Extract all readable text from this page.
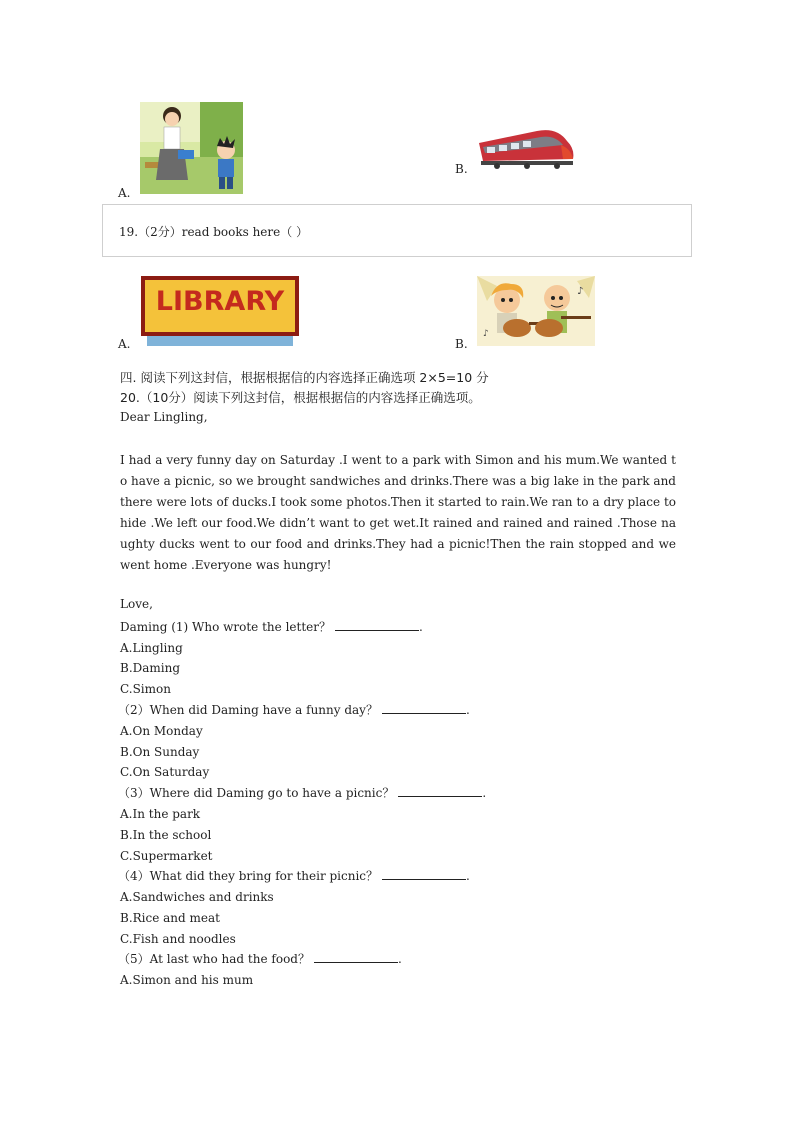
A.
B.
19.（2分）read books here（ ）
A.
LIBRARY
B.
♪
♪
四. 阅读下列这封信，根据根据信的内容选择正确选项 2×5=10 分
20.（10分）阅读下列这封信，根据根据信的内容选择正确选项。
Dear Lingling,
I had a very funny day on Saturday .I went to a park with Simon and his mum.We wanted to have a picnic, so we brought sandwiches and drinks.There was a big lake in the park and there were lots of ducks.I took some photos.Then it started to rain.We ran to a dry place to hide .We left our food.We didn’t want to get wet.It rained and rained and rained .Those naughty ducks went to our food and drinks.They had a picnic!Then the rain stopped and we went home .Everyone was hungry!
Love,
Daming (1) Who wrote the letter？	.
A.Lingling
B.Daming
C.Simon
（2）When did Daming have a funny day？	.
A.On Monday
B.On Sunday
C.On Saturday
（3）Where did Daming go to have a picnic？	.
A.In the park
B.In the school
C.Supermarket
（4）What did they bring for their picnic？	.
A.Sandwiches and drinks
B.Rice and meat
C.Fish and noodles
（5）At last who had the food？	.
A.Simon and his mum
